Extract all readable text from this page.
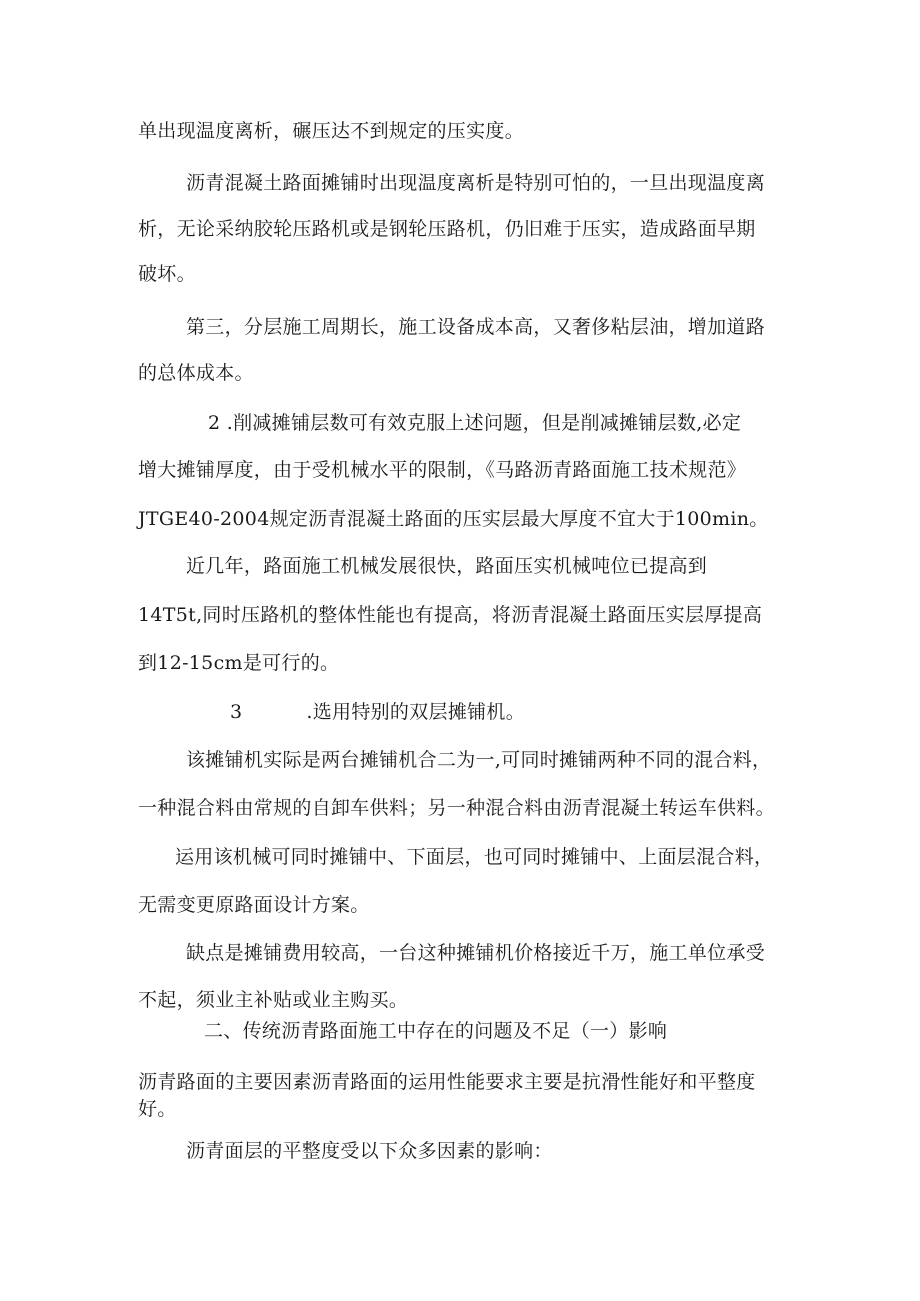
单出现温度离析，碾压达不到规定的压实度。

沥青混凝土路面摊铺时出现温度离析是特别可怕的，一旦出现温度离

析，无论采纳胶轮压路机或是钢轮压路机，仍旧难于压实，造成路面早期

破坏。

第三，分层施工周期长，施工设备成本高，又奢侈粘层油，增加道路

的总体成本。

2 .削减摊铺层数可有效克服上述问题，但是削减摊铺层数,必定

增大摊铺厚度，由于受机械水平的限制，《马路沥青路面施工技术规范》

JTGE40-2004规定沥青混凝土路面的压实层最大厚度不宜大于100min。

近几年，路面施工机械发展很快，路面压实机械吨位已提高到

14T5t,同时压路机的整体性能也有提高，将沥青混凝土路面压实层厚提高

到12-15cm是可行的。

3	.选用特别的双层摊铺机。

该摊铺机实际是两台摊铺机合二为一,可同时摊铺两种不同的混合料，

一种混合料由常规的自卸车供料；另一种混合料由沥青混凝土转运车供料。

运用该机械可同时摊铺中、下面层，也可同时摊铺中、上面层混合料，

无需变更原路面设计方案。

缺点是摊铺费用较高，一台这种摊铺机价格接近千万，施工单位承受

不起，须业主补贴或业主购买。

二、传统沥青路面施工中存在的问题及不足（一）影响

沥青路面的主要因素沥青路面的运用性能要求主要是抗滑性能好和平整度

好。

沥青面层的平整度受以下众多因素的影响：
